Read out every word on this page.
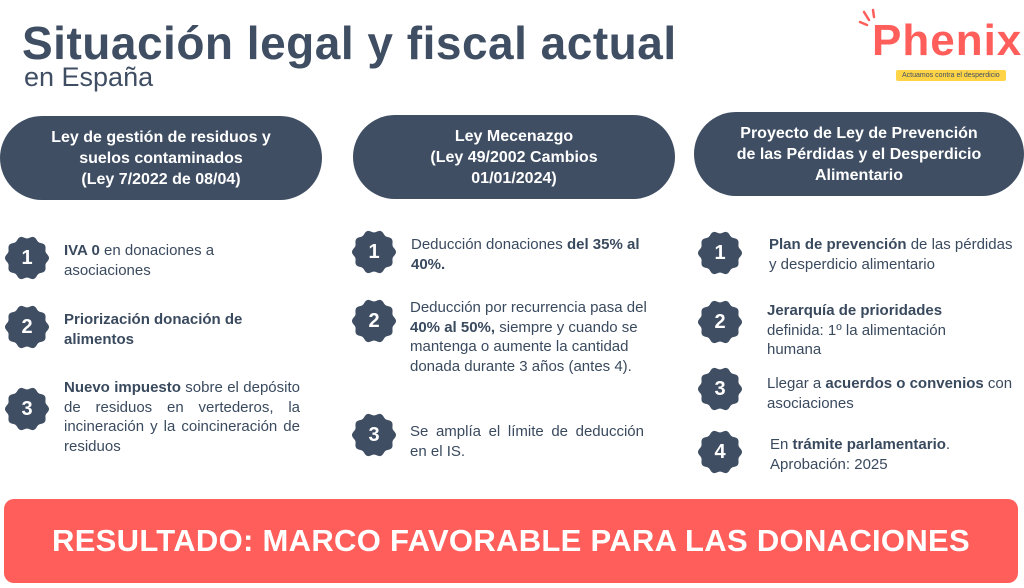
Situación legal y fiscal actual
en España
Phenix
Actuamos contra el desperdicio
Ley de gestión de residuos y
suelos contaminados
(Ley 7/2022 de 08/04)
Ley Mecenazgo
(Ley 49/2002 Cambios
01/01/2024)
Proyecto de Ley de Prevención
de las Pérdidas y el Desperdicio
Alimentario
1	IVA 0 en donaciones a asociaciones
2	Priorización donación de alimentos
3
Nuevo impuesto sobre el depósito de residuos en vertederos, la incineración y la coincineración de residuos
1	Deducción donaciones del 35% al 40%.
2
Deducción por recurrencia pasa del 40% al 50%, siempre y cuando se mantenga o aumente la cantidad donada durante 3 años (antes 4).
3	Se amplía el límite de deducción en el IS.
1	Plan de prevención de las pérdidas y desperdicio alimentario
2
Jerarquía de prioridades definida: 1º la alimentación humana
3	Llegar a acuerdos o convenios con asociaciones
4	En trámite parlamentario. Aprobación: 2025
RESULTADO: MARCO FAVORABLE PARA LAS DONACIONES
